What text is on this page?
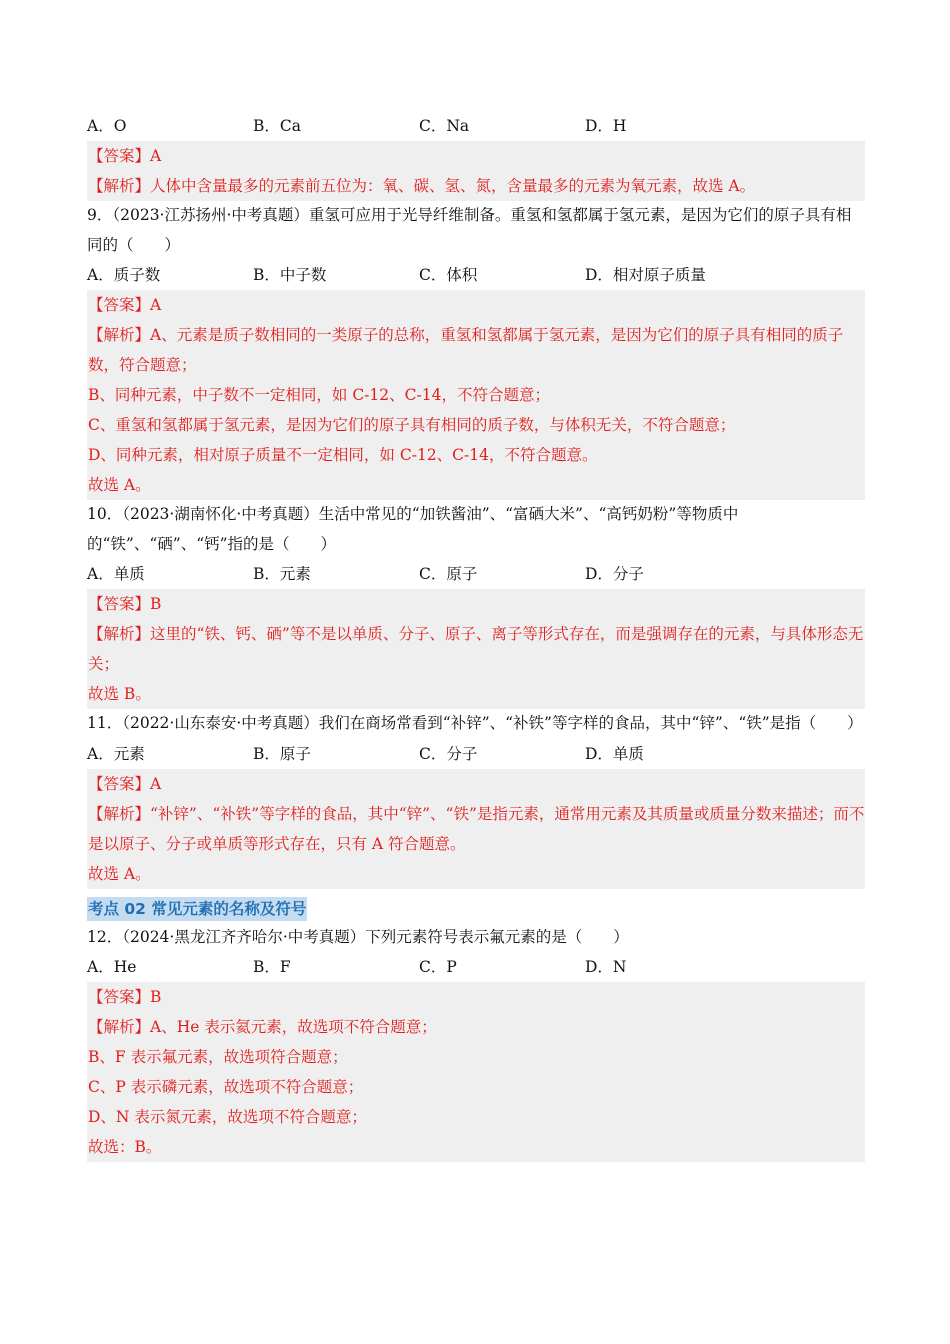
A．O	B．Ca	C．Na	D．H
【答案】A
【解析】人体中含量最多的元素前五位为：氧、碳、氢、氮，含量最多的元素为氧元素，故选 A。
9．（2023·江苏扬州·中考真题）重氢可应用于光导纤维制备。重氢和氢都属于氢元素，是因为它们的原子具有相同的（　　）
A．质子数	B．中子数	C．体积	D．相对原子质量
【答案】A
【解析】A、元素是质子数相同的一类原子的总称，重氢和氢都属于氢元素，是因为它们的原子具有相同的质子数，符合题意；
B、同种元素，中子数不一定相同，如 C-12、C-14，不符合题意；
C、重氢和氢都属于氢元素，是因为它们的原子具有相同的质子数，与体积无关，不符合题意；
D、同种元素，相对原子质量不一定相同，如 C-12、C-14，不符合题意。
故选 A。
10．（2023·湖南怀化·中考真题）生活中常见的“加铁酱油”、“富硒大米”、“高钙奶粉”等物质中的“铁”、“硒”、“钙”指的是（　　）
A．单质	B．元素	C．原子	D．分子
【答案】B
【解析】这里的“铁、钙、硒”等不是以单质、分子、原子、离子等形式存在，而是强调存在的元素，与具体形态无关；
故选 B。
11．（2022·山东泰安·中考真题）我们在商场常看到“补锌”、“补铁”等字样的食品，其中“锌”、“铁”是指（　　）
A．元素	B．原子	C．分子	D．单质
【答案】A
【解析】“补锌”、“补铁”等字样的食品，其中“锌”、“铁”是指元素，通常用元素及其质量或质量分数来描述；而不是以原子、分子或单质等形式存在，只有 A 符合题意。
故选 A。
考点 02 常见元素的名称及符号
12．（2024·黑龙江齐齐哈尔·中考真题）下列元素符号表示氟元素的是（　　）
A．He	B．F	C．P	D．N
【答案】B
【解析】A、He 表示氦元素，故选项不符合题意；
B、F 表示氟元素，故选项符合题意；
C、P 表示磷元素，故选项不符合题意；
D、N 表示氮元素，故选项不符合题意；
故选：B。
